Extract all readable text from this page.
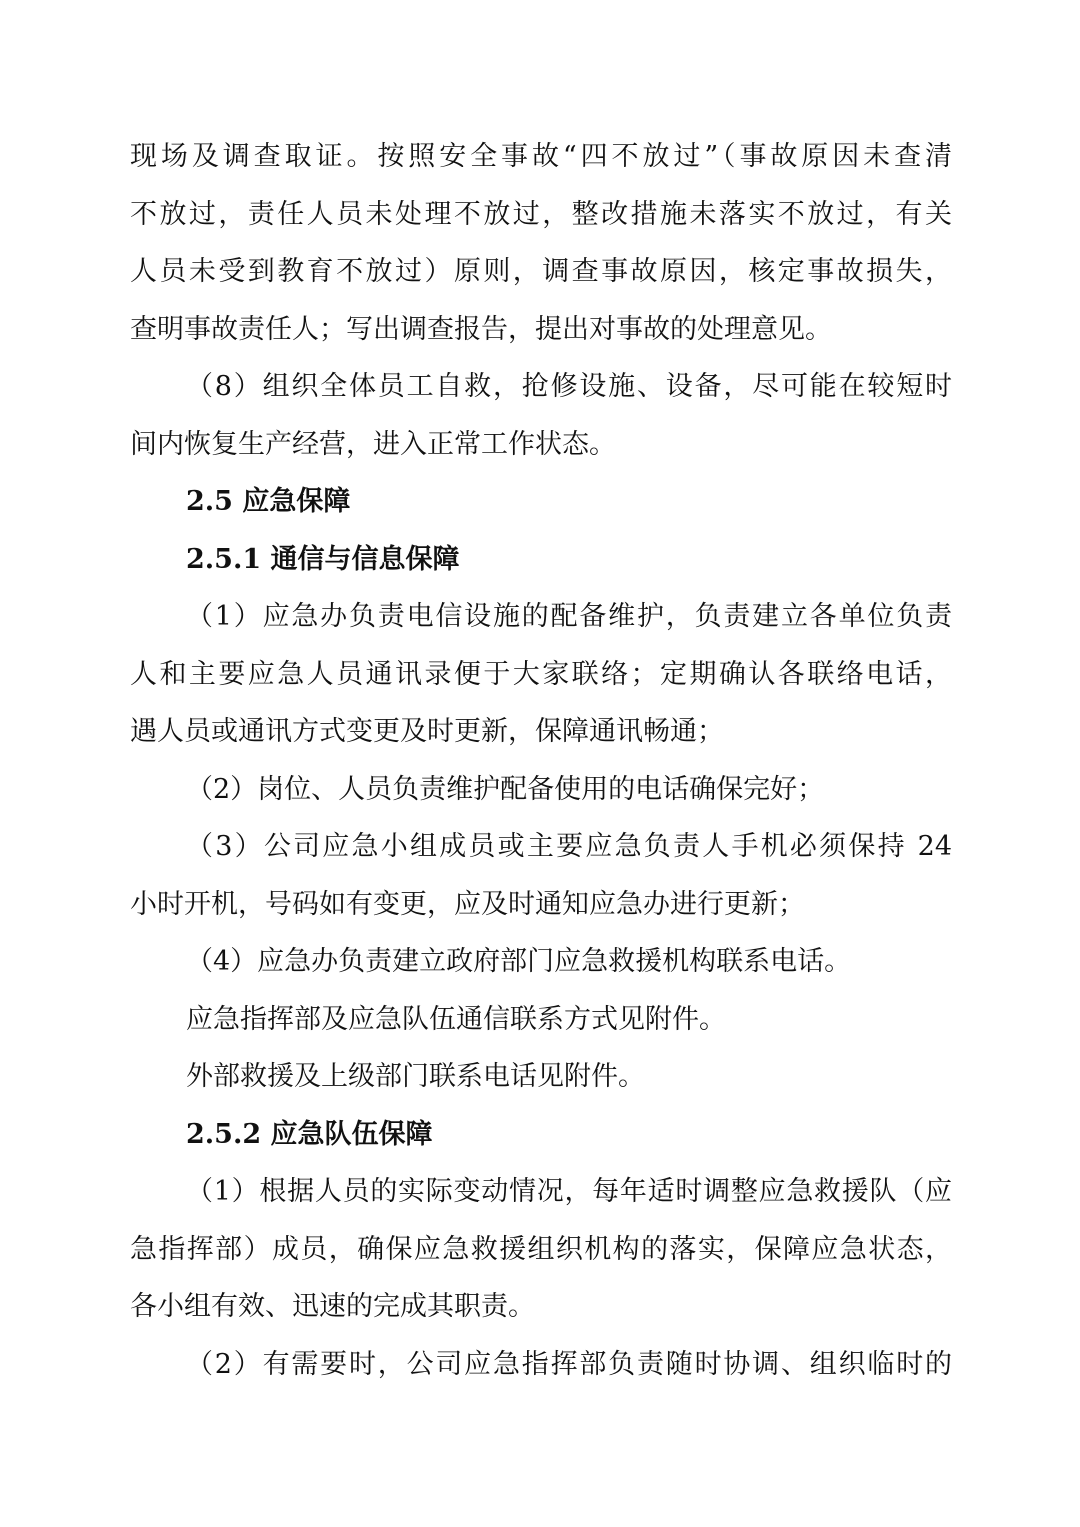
现场及调查取证。按照安全事故“四不放过”（事故原因未查清
不放过，责任人员未处理不放过，整改措施未落实不放过，有关
人员未受到教育不放过）原则，调查事故原因，核定事故损失，
查明事故责任人；写出调查报告，提出对事故的处理意见。
（8）组织全体员工自救，抢修设施、设备，尽可能在较短时
间内恢复生产经营，进入正常工作状态。
2.5 应急保障
2.5.1 通信与信息保障
（1）应急办负责电信设施的配备维护，负责建立各单位负责
人和主要应急人员通讯录便于大家联络；定期确认各联络电话，
遇人员或通讯方式变更及时更新，保障通讯畅通；
（2）岗位、人员负责维护配备使用的电话确保完好；
（3）公司应急小组成员或主要应急负责人手机必须保持 24
小时开机，号码如有变更，应及时通知应急办进行更新；
（4）应急办负责建立政府部门应急救援机构联系电话。
应急指挥部及应急队伍通信联系方式见附件。
外部救援及上级部门联系电话见附件。
2.5.2 应急队伍保障
（1）根据人员的实际变动情况，每年适时调整应急救援队（应
急指挥部）成员，确保应急救援组织机构的落实，保障应急状态，
各小组有效、迅速的完成其职责。
（2）有需要时，公司应急指挥部负责随时协调、组织临时的
